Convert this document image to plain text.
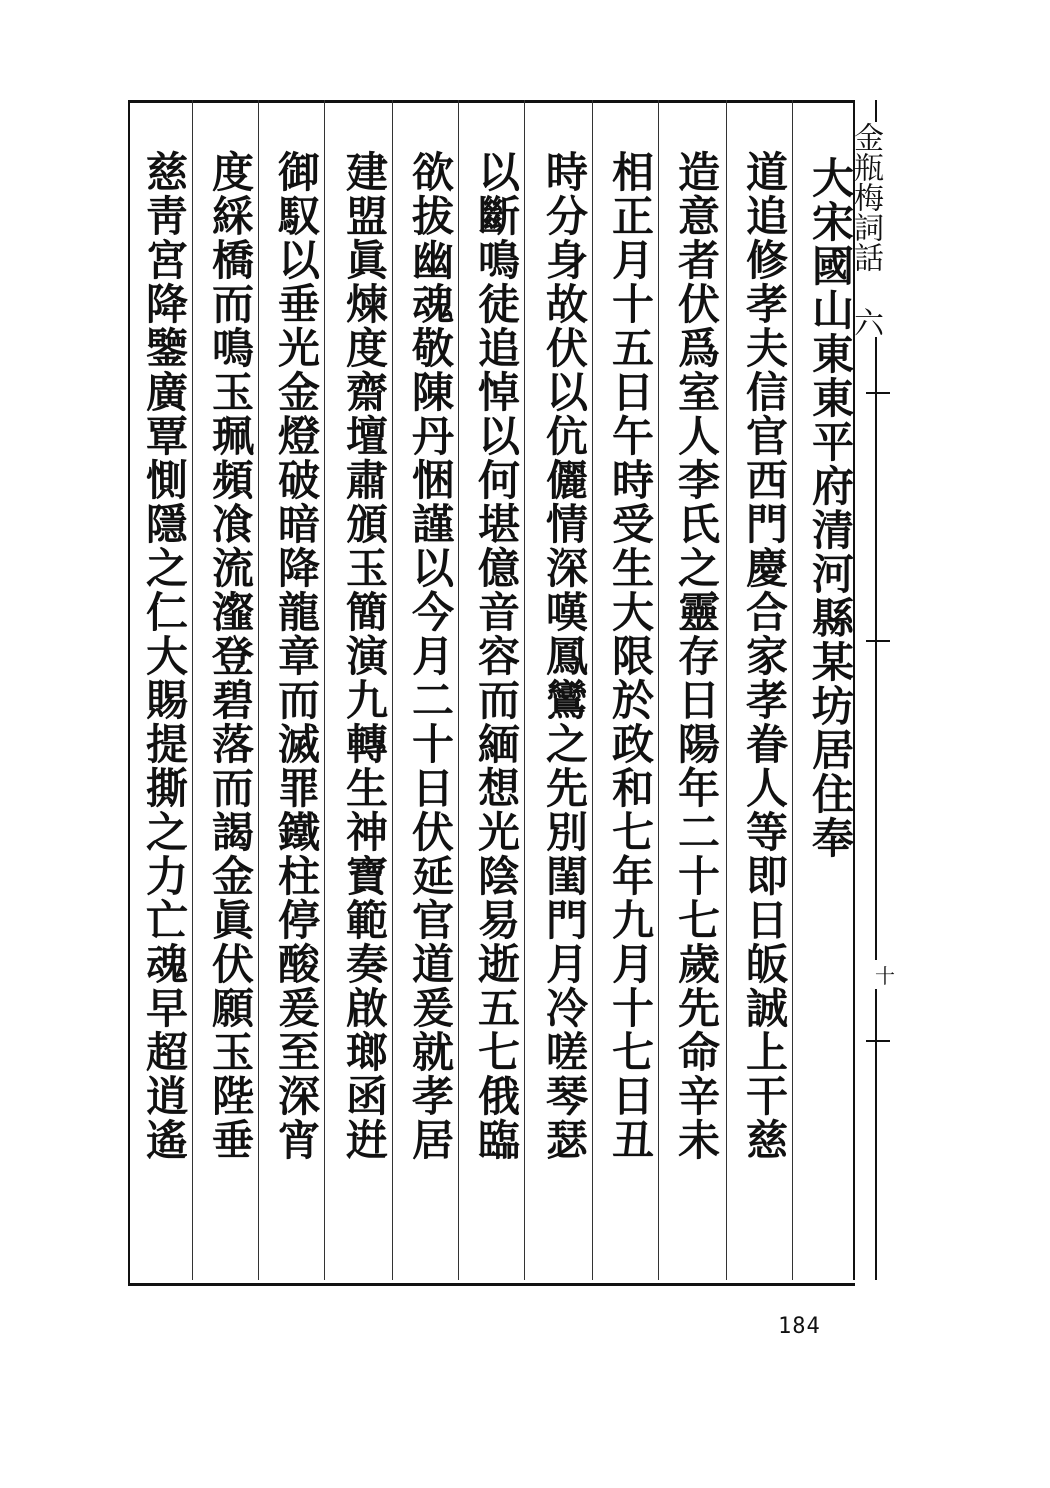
金瓶梅詞話 六
十
大宋國山東東平府清河縣某坊居住奉
道追修孝夫信官西門慶合家孝眷人等即日皈誠上干慈
造意者伏爲室人李氏之靈存日陽年二十七歲先命辛未
相正月十五日午時受生大限於政和七年九月十七日丑
時分身故伏以伉儷情深嘆鳳鸞之先別閨門月冷嗟琴瑟
以斷鳴徒追悼以何堪億音容而緬想光陰易逝五七俄臨
欲拔幽魂敬陳丹悃謹以今月二十日伏延官道爰就孝居
建盟眞煉度齋壇肅頒玉簡演九轉生神寶範奏啟瑯函逬
御馭以垂光金燈破暗降龍章而滅罪鐵柱停酸爰至深宵
度綵橋而鳴玉珮頻飡流瀣登碧落而謁金眞伏願玉陛垂
慈靑宮降鑒廣覃惻隱之仁大賜提撕之力亡魂早超逍遙
184
